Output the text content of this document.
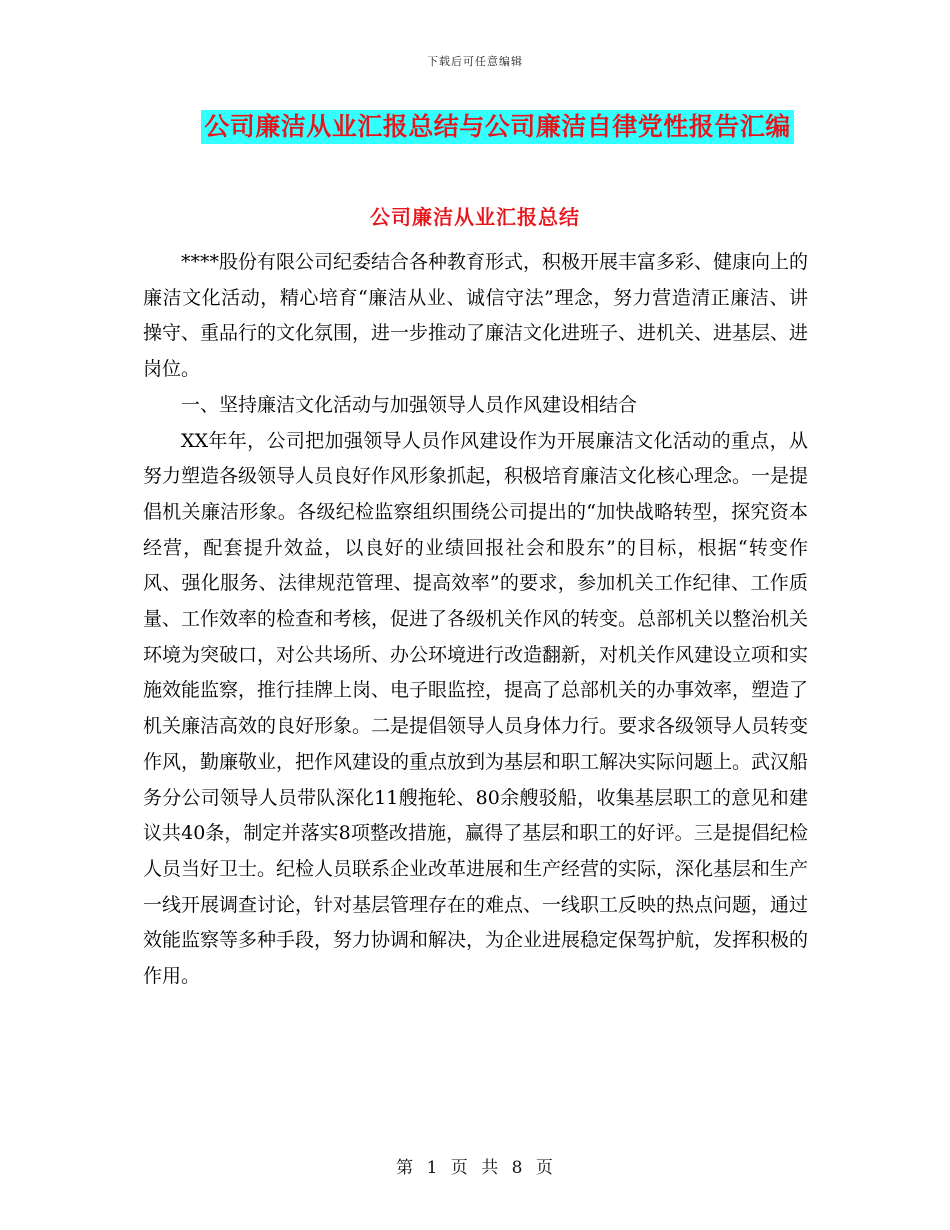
下载后可任意编辑
公司廉洁从业汇报总结与公司廉洁自律党性报告汇编
公司廉洁从业汇报总结

****股份有限公司纪委结合各种教育形式，积极开展丰富多彩、健康向上的廉洁文化活动，精心培育“廉洁从业、诚信守法”理念，努力营造清正廉洁、讲操守、重品行的文化氛围，进一步推动了廉洁文化进班子、进机关、进基层、进岗位。

一、坚持廉洁文化活动与加强领导人员作风建设相结合

XX年年，公司把加强领导人员作风建设作为开展廉洁文化活动的重点，从努力塑造各级领导人员良好作风形象抓起，积极培育廉洁文化核心理念。一是提倡机关廉洁形象。各级纪检监察组织围绕公司提出的“加快战略转型，探究资本经营，配套提升效益，以良好的业绩回报社会和股东”的目标，根据“转变作风、强化服务、法律规范管理、提高效率”的要求，参加机关工作纪律、工作质量、工作效率的检查和考核，促进了各级机关作风的转变。总部机关以整治机关环境为突破口，对公共场所、办公环境进行改造翻新，对机关作风建设立项和实施效能监察，推行挂牌上岗、电子眼监控，提高了总部机关的办事效率，塑造了机关廉洁高效的良好形象。二是提倡领导人员身体力行。要求各级领导人员转变作风，勤廉敬业，把作风建设的重点放到为基层和职工解决实际问题上。武汉船务分公司领导人员带队深化11艘拖轮、80余艘驳船，收集基层职工的意见和建议共40条，制定并落实8项整改措施，赢得了基层和职工的好评。三是提倡纪检人员当好卫士。纪检人员联系企业改革进展和生产经营的实际，深化基层和生产一线开展调查讨论，针对基层管理存在的难点、一线职工反映的热点问题，通过效能监察等多种手段，努力协调和解决，为企业进展稳定保驾护航，发挥积极的作用。

第 1 页 共 8 页
